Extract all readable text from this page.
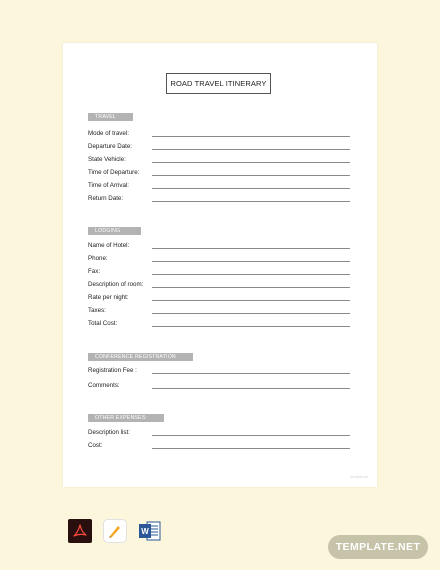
ROAD TRAVEL ITINERARY
TRAVEL
Mode of travel:
Departure Date:
State Vehicle:
Time of Departure:
Time of Arrival:
Return Date:
LODGING
Name of Hotel:
Phone:
Fax:
Description of room:
Rate per night:
Taxes:
Total Cost:
CONFERENCE REGISTRATION
Registration Fee :
Comments:
OTHER EXPENSES:
Description list:
Cost:
template.net
W
TEMPLATE.NET
